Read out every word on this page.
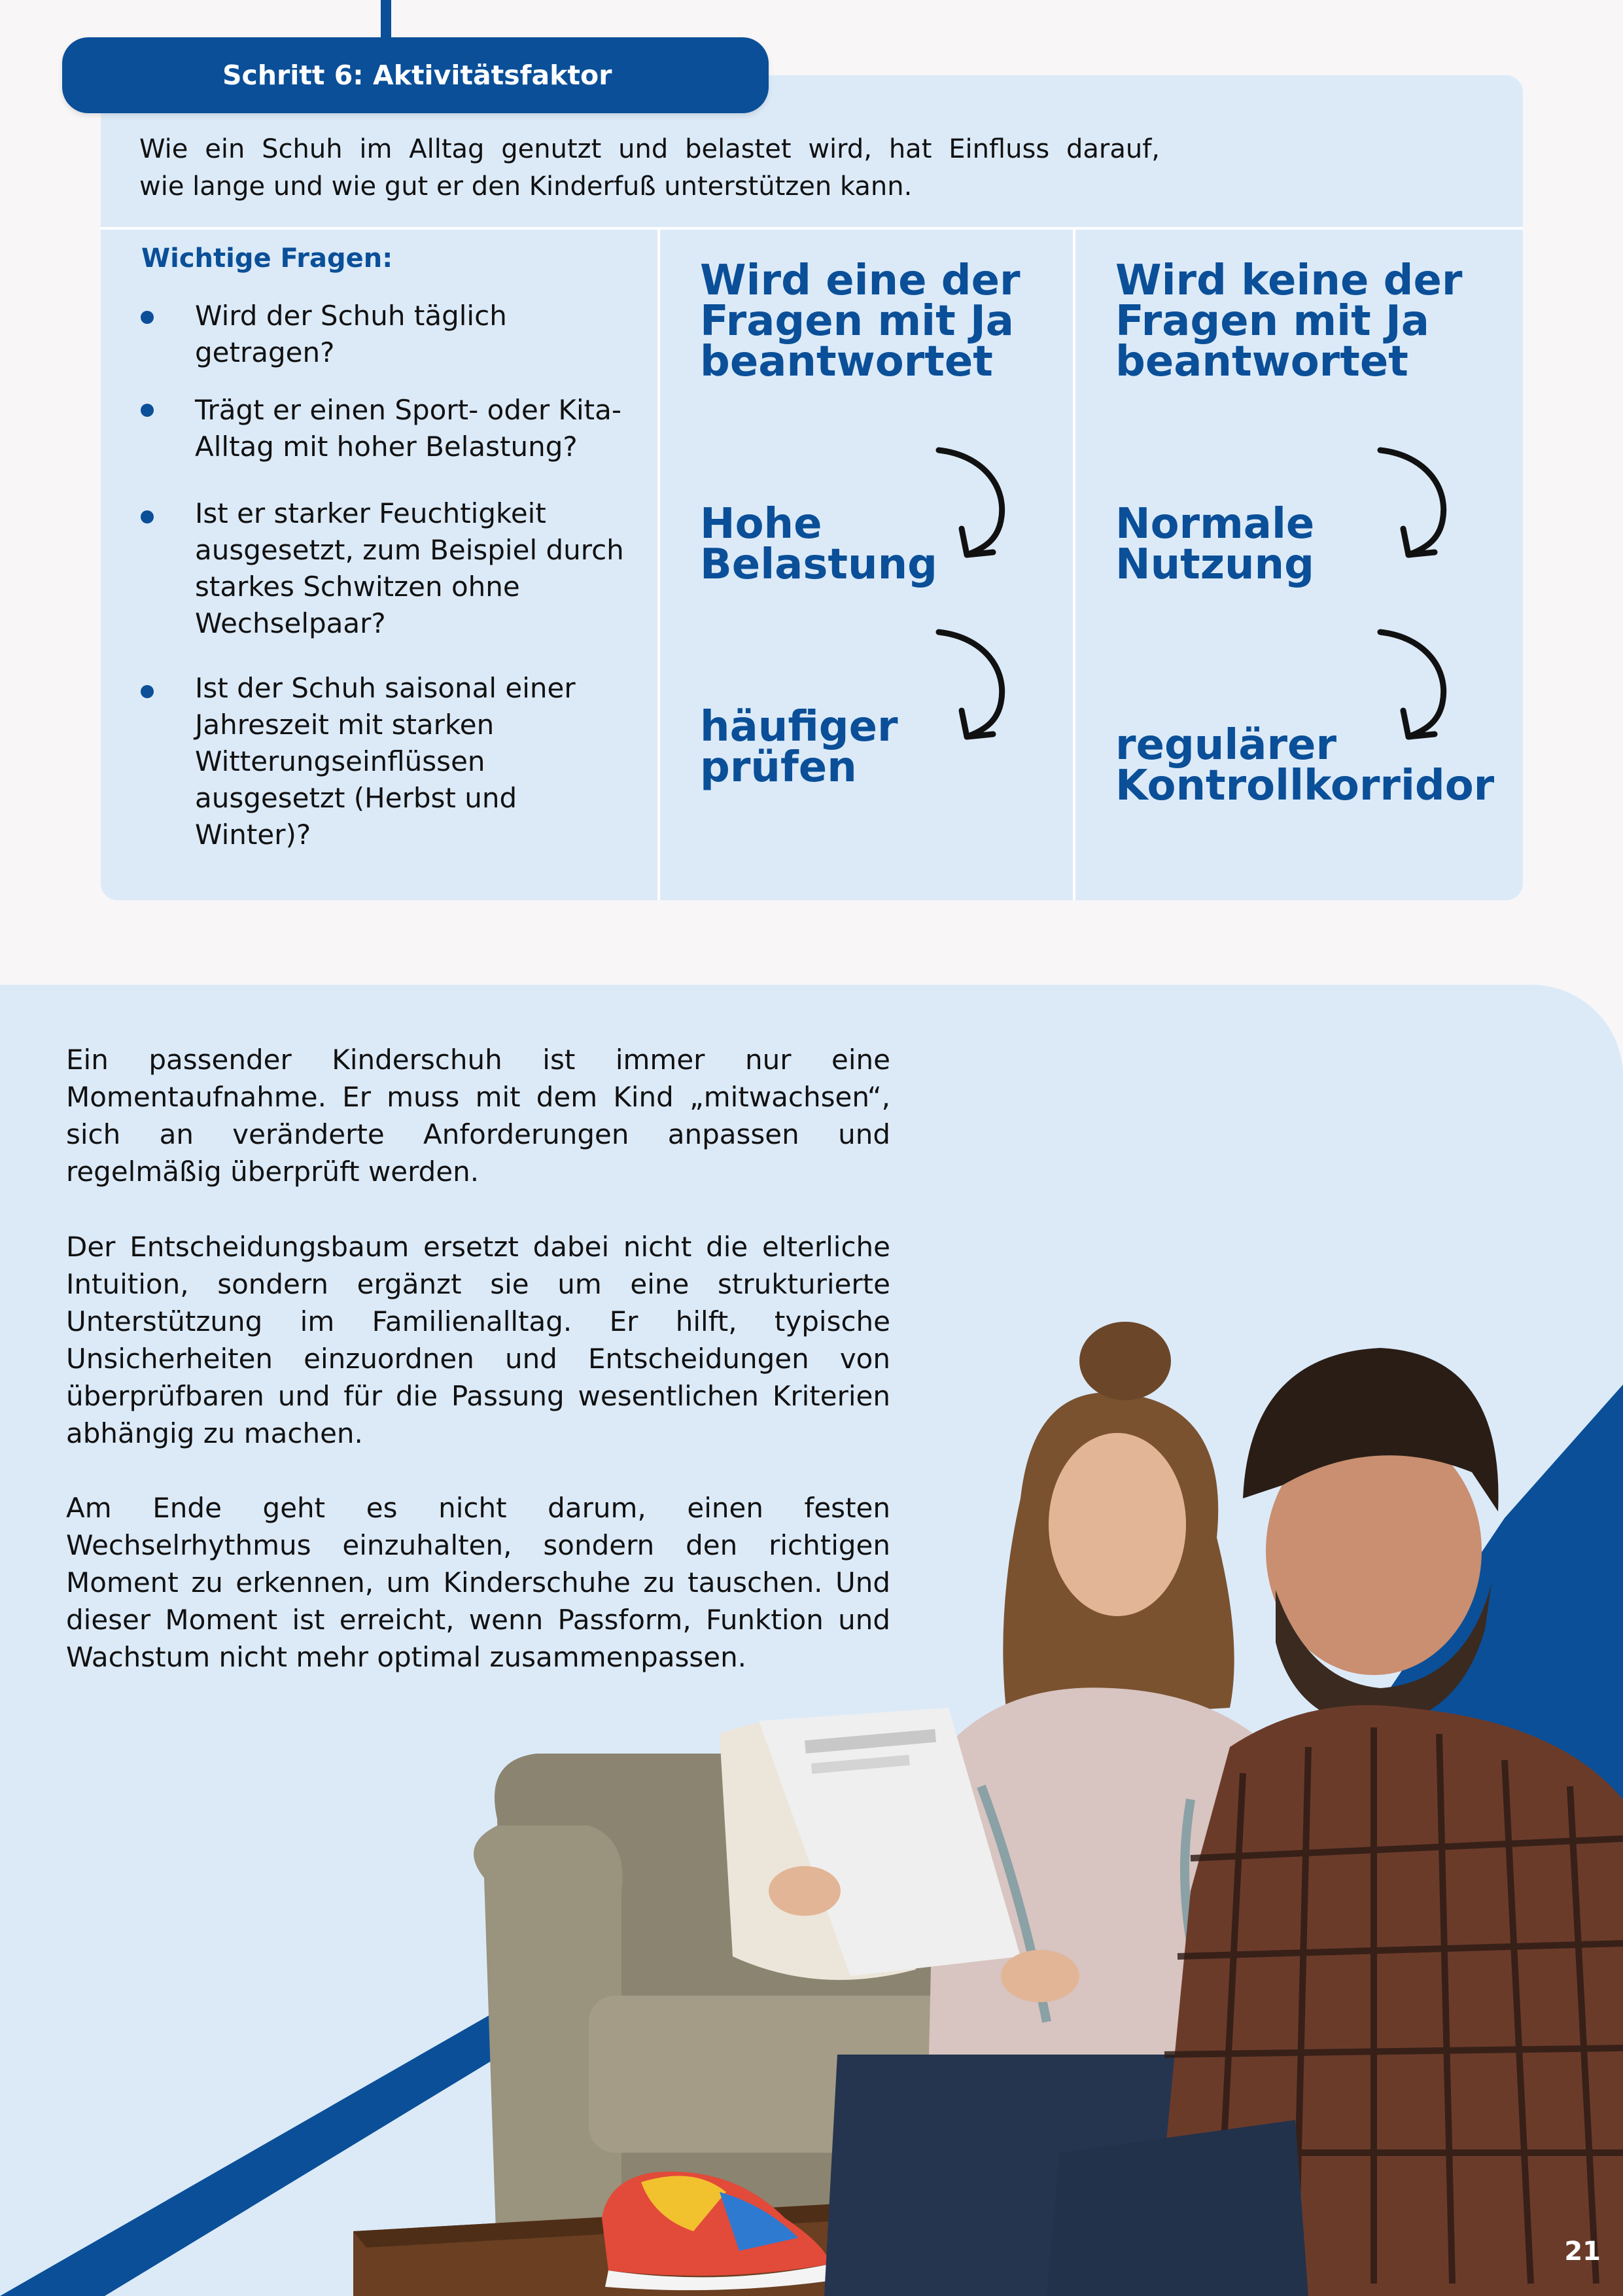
Schritt 6: Aktivitätsfaktor
Wie ein Schuh im Alltag genutzt und belastet wird, hat Einfluss darauf,
wie lange und wie gut er den Kinderfuß unterstützen kann.
Wichtige Fragen:
Wird der Schuh täglich
getragen?
Trägt er einen Sport- oder Kita-
Alltag mit hoher Belastung?
Ist er starker Feuchtigkeit
ausgesetzt, zum Beispiel durch
starkes Schwitzen ohne
Wechselpaar?
Ist der Schuh saisonal einer
Jahreszeit mit starken
Witterungseinflüssen
ausgesetzt (Herbst und
Winter)?
Wird eine der
Fragen mit Ja
beantwortet
Hohe
Belastung
häufiger
prüfen
Wird keine der
Fragen mit Ja
beantwortet
Normale
Nutzung
regulärer
Kontrollkorridor
Ein passender Kinderschuh ist immer nur eine Momentaufnahme. Er muss mit dem Kind „mitwachsen“, sich an veränderte Anforderungen anpassen und regelmäßig überprüft werden.
Der Entscheidungsbaum ersetzt dabei nicht die elterliche Intuition, sondern ergänzt sie um eine strukturierte Unterstützung im Familienalltag. Er hilft, typische Unsicherheiten einzuordnen und Entscheidungen von überprüfbaren und für die Passung wesentlichen Kriterien abhängig zu machen.
Am Ende geht es nicht darum, einen festen Wechselrhythmus einzuhalten, sondern den richtigen Moment zu erkennen, um Kinderschuhe zu tauschen. Und dieser Moment ist erreicht, wenn Passform, Funktion und Wachstum nicht mehr optimal zusammenpassen.
21
